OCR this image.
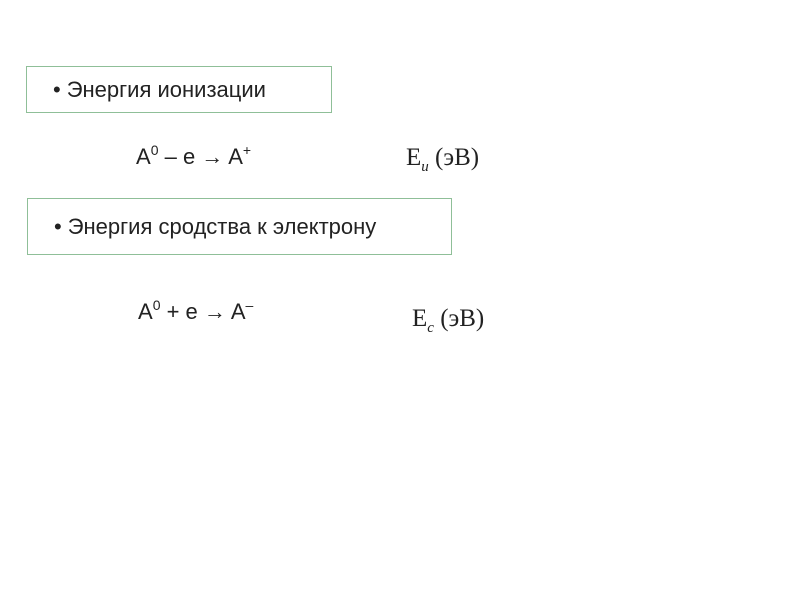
• Энергия ионизации
$A^0 - e \to A^+$	$E_и$ (эВ)
• Энергия сродства к электрону
$A^0 + e \to A^-$	$E_c$ (эВ)
